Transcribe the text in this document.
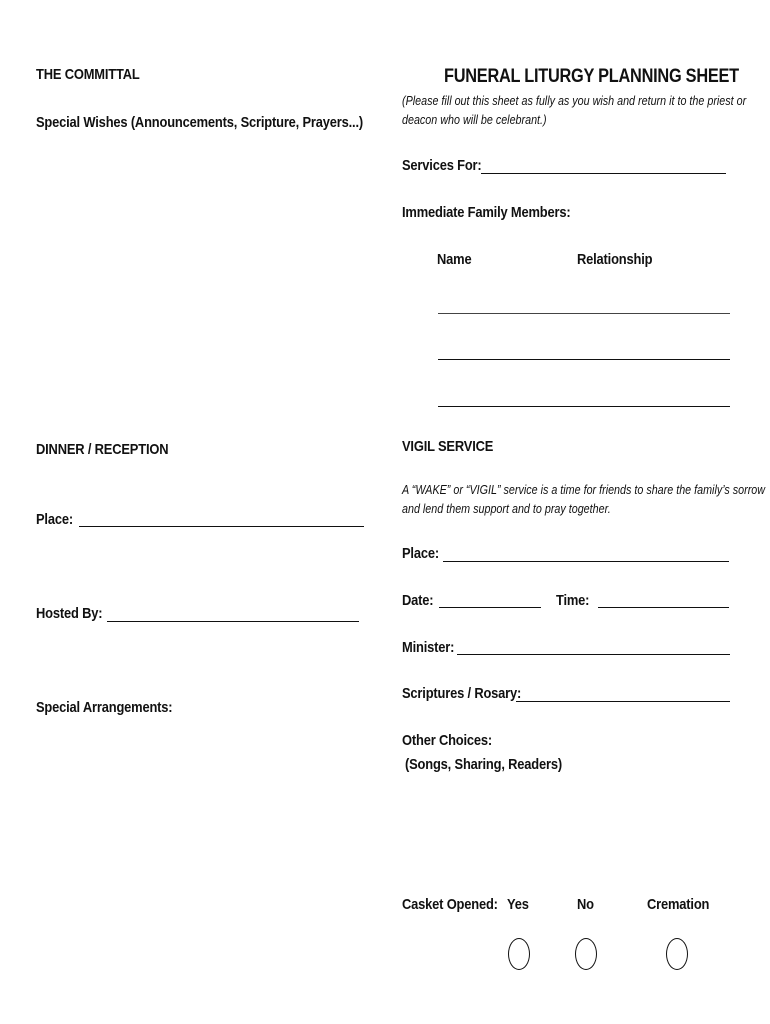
THE COMMITTAL
Special Wishes (Announcements, Scripture, Prayers...)
DINNER / RECEPTION
Place:
Hosted By:
Special Arrangements:
FUNERAL LITURGY PLANNING SHEET
(Please fill out this sheet as fully as you wish and return it to the priest or
deacon who will be celebrant.)
Services For:
Immediate Family Members:
Name	Relationship
VIGIL SERVICE
A “WAKE” or “VIGIL” service is a time for friends to share the family’s sorrow
and lend them support and to pray together.
Place:
Date:	Time:
Minister:
Scriptures / Rosary:
Other Choices:
(Songs, Sharing, Readers)
Casket Opened: Yes	No	Cremation
